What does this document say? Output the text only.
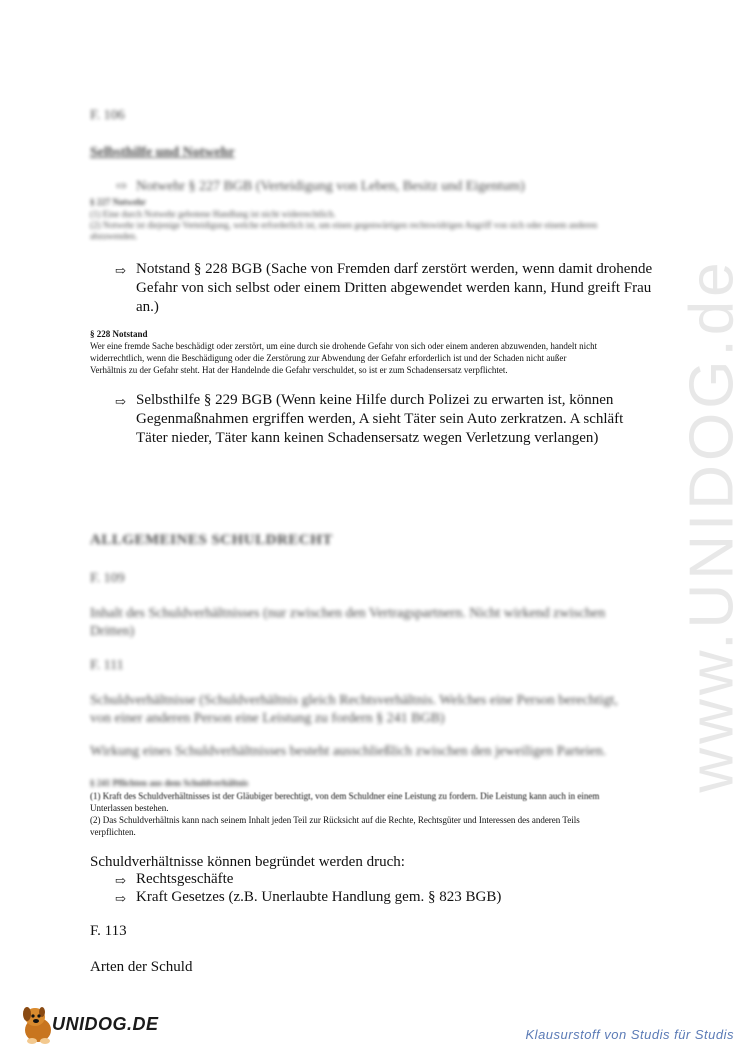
www.UNIDOG.de
F. 106
Selbsthilfe und Notwehr
⇨ Notwehr § 227 BGB (Verteidigung von Leben, Besitz und Eigentum)
§ 227 Notwehr
(1) Eine durch Notwehr gebotene Handlung ist nicht widerrechtlich.
(2) Notwehr ist diejenige Verteidigung, welche erforderlich ist, um einen gegenwärtigen rechtswidrigen Angriff von sich oder einem anderen
abzuwenden.
⇨ Notstand § 228 BGB (Sache von Fremden darf zerstört werden, wenn damit drohende
Gefahr von sich selbst oder einem Dritten abgewendet werden kann, Hund greift Frau
an.)
§ 228 Notstand
Wer eine fremde Sache beschädigt oder zerstört, um eine durch sie drohende Gefahr von sich oder einem anderen abzuwenden, handelt nicht
widerrechtlich, wenn die Beschädigung oder die Zerstörung zur Abwendung der Gefahr erforderlich ist und der Schaden nicht außer
Verhältnis zu der Gefahr steht. Hat der Handelnde die Gefahr verschuldet, so ist er zum Schadensersatz verpflichtet.
⇨ Selbsthilfe § 229 BGB (Wenn keine Hilfe durch Polizei zu erwarten ist, können
Gegenmaßnahmen ergriffen werden, A sieht Täter sein Auto zerkratzen. A schläft
Täter nieder, Täter kann keinen Schadensersatz wegen Verletzung verlangen)
ALLGEMEINES SCHULDRECHT
F. 109
Inhalt des Schuldverhältnisses (nur zwischen den Vertragspartnern. Nicht wirkend zwischen
Dritten)
F. 111
Schuldverhältnisse (Schuldverhältnis gleich Rechtsverhältnis. Welches eine Person berechtigt,
von einer anderen Person eine Leistung zu fordern § 241 BGB)
Wirkung eines Schuldverhältnisses besteht ausschließlich zwischen den jeweiligen Parteien.
§ 241 Pflichten aus dem Schuldverhältnis
(1) Kraft des Schuldverhältnisses ist der Gläubiger berechtigt, von dem Schuldner eine Leistung zu fordern. Die Leistung kann auch in einem
Unterlassen bestehen.
(2) Das Schuldverhältnis kann nach seinem Inhalt jeden Teil zur Rücksicht auf die Rechte, Rechtsgüter und Interessen des anderen Teils
verpflichten.
Schuldverhältnisse können begründet werden druch:
⇨ Rechtsgeschäfte
⇨ Kraft Gesetzes (z.B. Unerlaubte Handlung gem. § 823 BGB)
F. 113
Arten der Schuld
UNIDOG.DE
Klausurstoff von Studis für Studis
